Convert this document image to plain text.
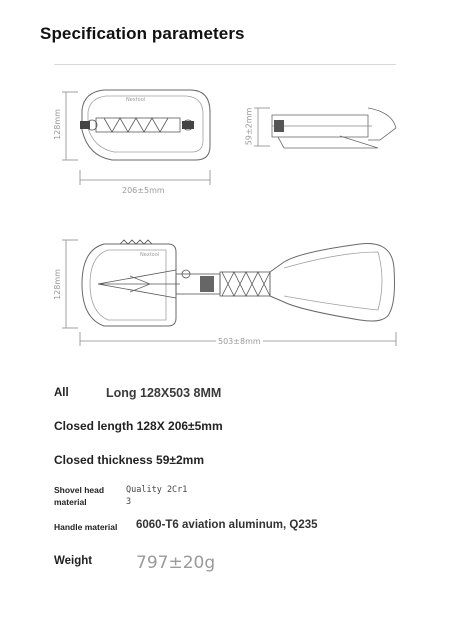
Specification parameters
128mm
206±5mm
59±2mm
128mm
503±8mm
Nextool
Nextool
All	Long 128X503 8MM
Closed length 128X 206±5mm
Closed thickness 59±2mm
Shovel head
material
Quality 2Cr1
3
Handle material 6060-T6 aviation aluminum, Q235
Weight	797±20g
